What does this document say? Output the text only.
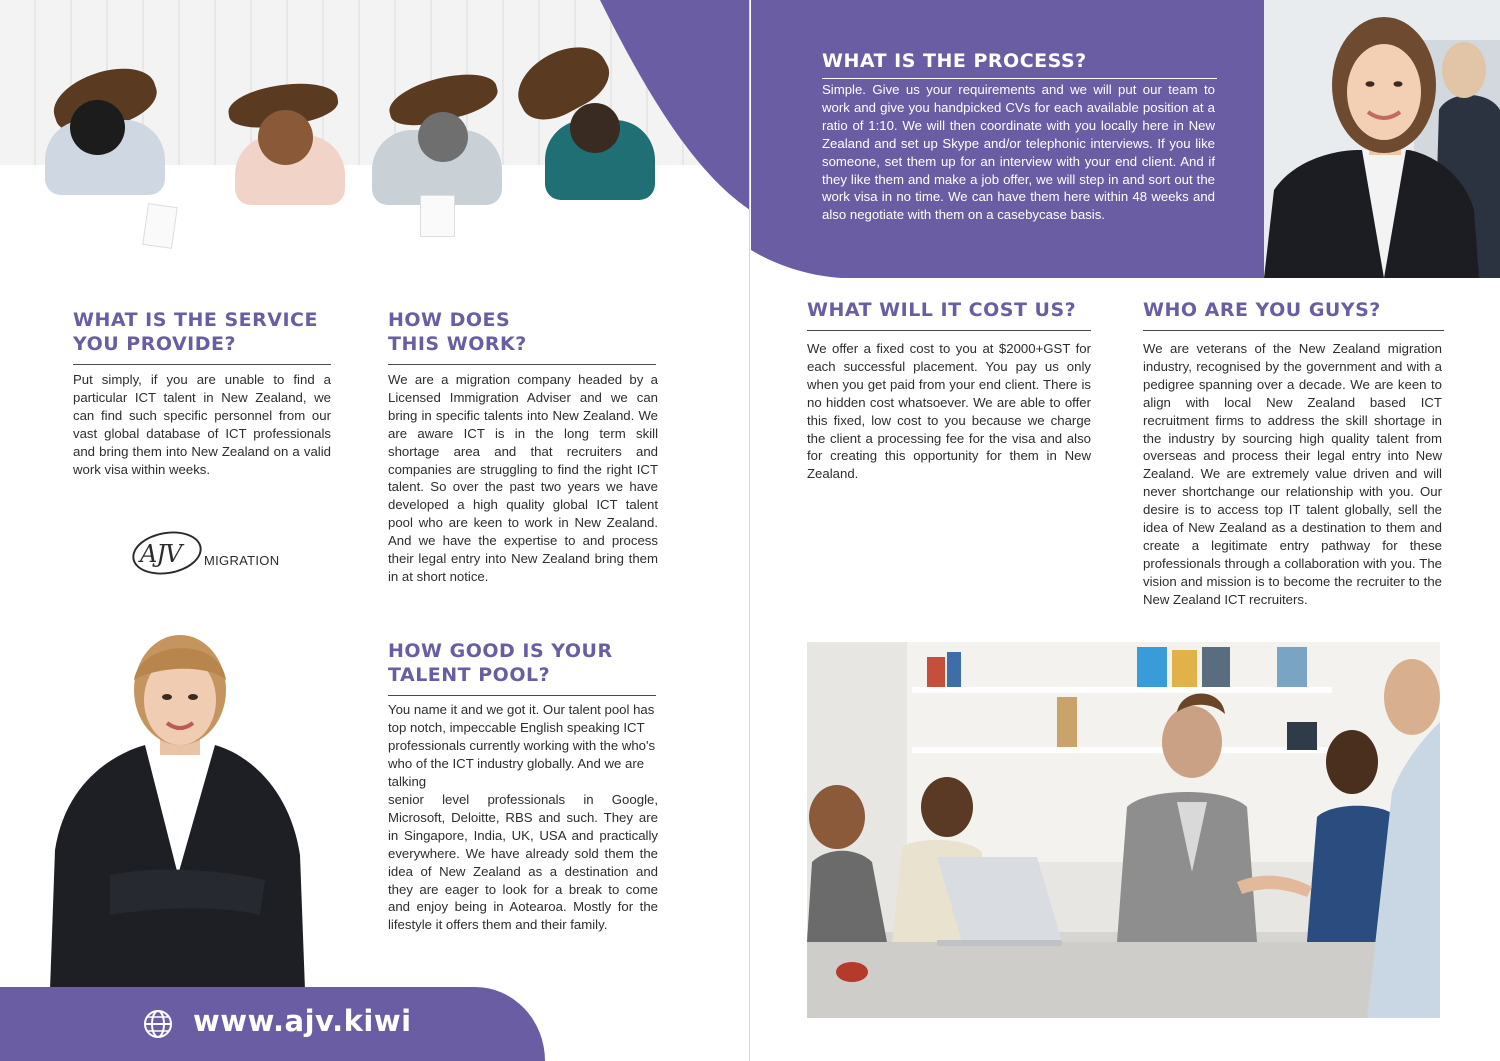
WHAT IS THE SERVICE
YOU PROVIDE?

Put simply, if you are unable to find a particular ICT talent in New Zealand, we can find such specific personnel from our vast global database of ICT professionals and bring them into New Zealand on a valid work visa within weeks.

HOW DOES
THIS WORK?

We are a migration company headed by a Licensed Immigration Adviser and we can bring in specific talents into New Zealand. We are aware ICT is in the long term skill shortage area and that recruiters and companies are struggling to find the right ICT talent. So over the past two years we have developed a high quality global ICT talent pool who are keen to work in New Zealand. And we have the expertise to and process their legal entry into New Zealand bring them in at short notice.

AJV MIGRATION
HOW GOOD IS YOUR
TALENT POOL?

You name it and we got it. Our talent pool has top notch, impeccable English speaking ICT professionals currently working with the who's who of the ICT industry globally. And we are talking

senior level professionals in Google, Microsoft, Deloitte, RBS and such. They are in Singapore, India, UK, USA and practically everywhere. We have already sold them the idea of New Zealand as a destination and they are eager to look for a break to come and enjoy being in Aotearoa. Mostly for the lifestyle it offers them and their family.

www.ajv.kiwi
WHAT IS THE PROCESS?

Simple. Give us your requirements and we will put our team to work and give you handpicked CVs for each available position at a ratio of 1:10. We will then coordinate with you locally here in New Zealand and set up Skype and/or telephonic interviews. If you like someone, set them up for an interview with your end client. And if they like them and make a job offer, we will step in and sort out the work visa in no time. We can have them here within 48 weeks and also negotiate with them on a casebycase basis.

WHAT WILL IT COST US?

We offer a fixed cost to you at $2000+GST for each successful placement. You pay us only when you get paid from your end client. There is no hidden cost whatsoever. We are able to offer this fixed, low cost to you because we charge the client a processing fee for the visa and also for creating this opportunity for them in New Zealand.

WHO ARE YOU GUYS?

We are veterans of the New Zealand migration industry, recognised by the government and with a pedigree spanning over a decade. We are keen to align with local New Zealand based ICT recruitment firms to address the skill shortage in the industry by sourcing high quality talent from overseas and process their legal entry into New Zealand. We are extremely value driven and will never shortchange our relationship with you. Our desire is to access top IT talent globally, sell the idea of New Zealand as a destination to them and create a legitimate entry pathway for these professionals through a collaboration with you. The vision and mission is to become the recruiter to the New Zealand ICT recruiters.
